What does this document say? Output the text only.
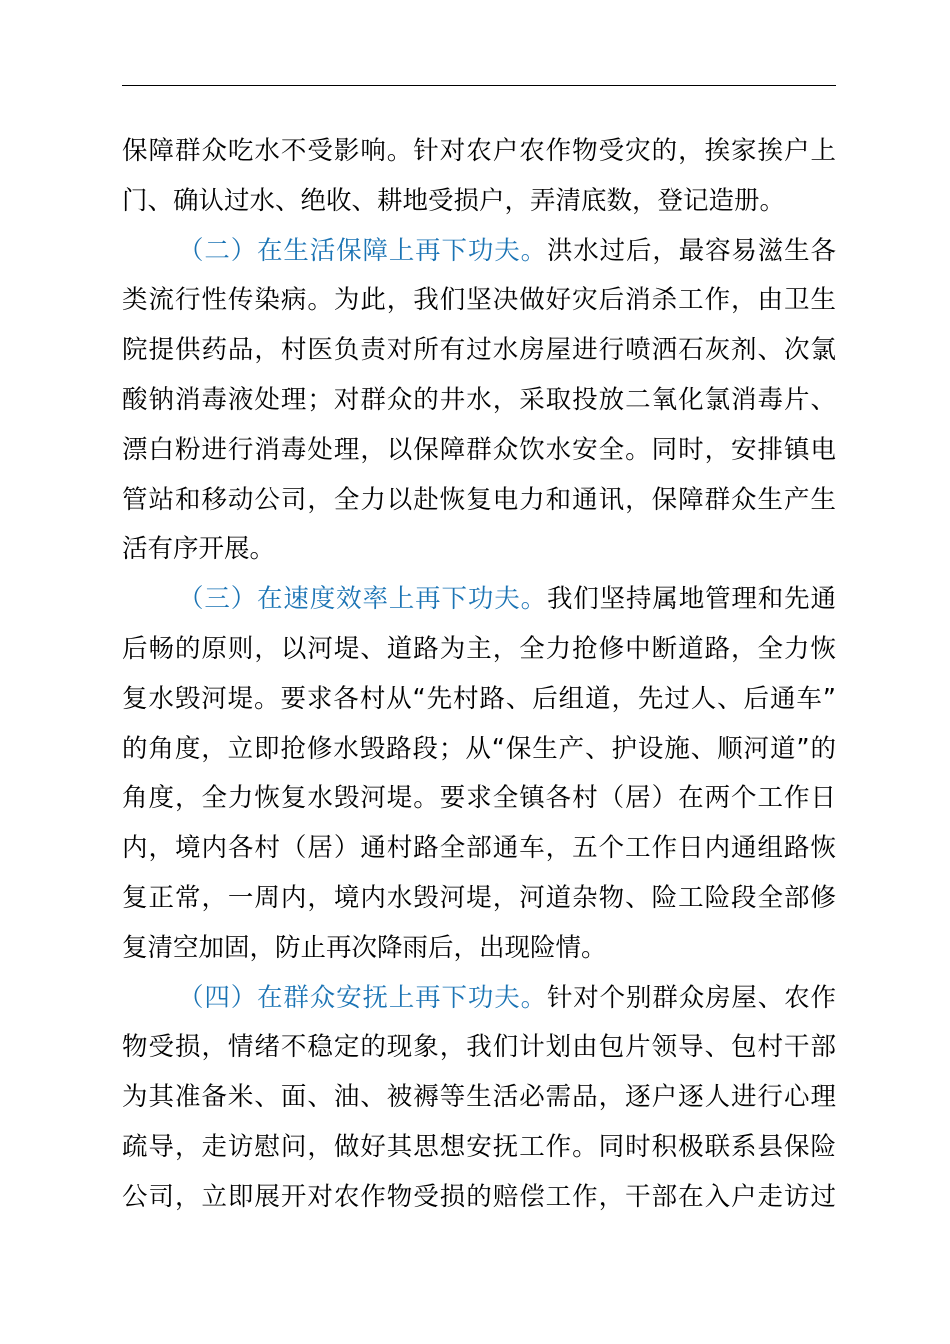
保障群众吃水不受影响。针对农户农作物受灾的，挨家挨户上
门、确认过水、绝收、耕地受损户，弄清底数，登记造册。
（二）在生活保障上再下功夫。洪水过后，最容易滋生各
类流行性传染病。为此，我们坚决做好灾后消杀工作，由卫生
院提供药品，村医负责对所有过水房屋进行喷洒石灰剂、次氯
酸钠消毒液处理；对群众的井水，采取投放二氧化氯消毒片、
漂白粉进行消毒处理，以保障群众饮水安全。同时，安排镇电
管站和移动公司，全力以赴恢复电力和通讯，保障群众生产生
活有序开展。
（三）在速度效率上再下功夫。我们坚持属地管理和先通
后畅的原则，以河堤、道路为主，全力抢修中断道路，全力恢
复水毁河堤。要求各村从“先村路、后组道，先过人、后通车”
的角度，立即抢修水毁路段；从“保生产、护设施、顺河道”的
角度，全力恢复水毁河堤。要求全镇各村（居）在两个工作日
内，境内各村（居）通村路全部通车，五个工作日内通组路恢
复正常，一周内，境内水毁河堤，河道杂物、险工险段全部修
复清空加固，防止再次降雨后，出现险情。
（四）在群众安抚上再下功夫。针对个别群众房屋、农作
物受损，情绪不稳定的现象，我们计划由包片领导、包村干部
为其准备米、面、油、被褥等生活必需品，逐户逐人进行心理
疏导，走访慰问，做好其思想安抚工作。同时积极联系县保险
公司，立即展开对农作物受损的赔偿工作，干部在入户走访过
